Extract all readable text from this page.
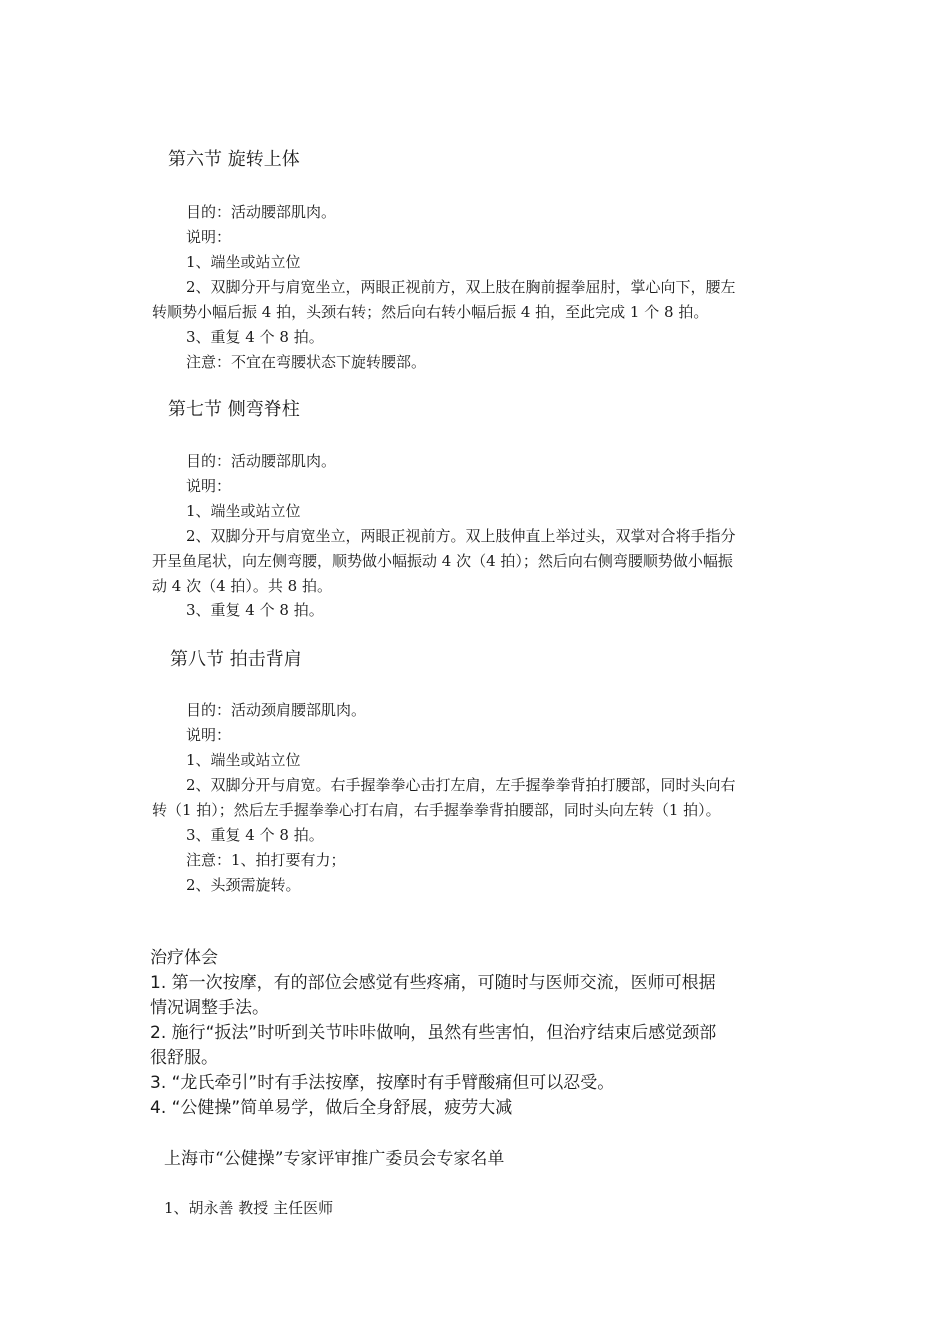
第六节 旋转上体
目的：活动腰部肌肉。
说明：
1、端坐或站立位
2、双脚分开与肩宽坐立，两眼正视前方，双上肢在胸前握拳屈肘，掌心向下，腰左
转顺势小幅后振 4 拍，头颈右转；然后向右转小幅后振 4 拍，至此完成 1 个 8 拍。
3、重复 4 个 8 拍。
注意：不宜在弯腰状态下旋转腰部。
第七节 侧弯脊柱
目的：活动腰部肌肉。
说明：
1、端坐或站立位
2、双脚分开与肩宽坐立，两眼正视前方。双上肢伸直上举过头，双掌对合将手指分
开呈鱼尾状，向左侧弯腰，顺势做小幅振动 4 次（4 拍）；然后向右侧弯腰顺势做小幅振
动 4 次（4 拍）。共 8 拍。
3、重复 4 个 8 拍。
第八节 拍击背肩
目的：活动颈肩腰部肌肉。
说明：
1、端坐或站立位
2、双脚分开与肩宽。右手握拳拳心击打左肩，左手握拳拳背拍打腰部，同时头向右
转（1 拍）；然后左手握拳拳心打右肩，右手握拳拳背拍腰部，同时头向左转（1 拍）。
3、重复 4 个 8 拍。
注意：1、拍打要有力；
2、头颈需旋转。
治疗体会
1. 第一次按摩，有的部位会感觉有些疼痛，可随时与医师交流，医师可根据
情况调整手法。
2. 施行“扳法”时听到关节咔咔做响，虽然有些害怕，但治疗结束后感觉颈部
很舒服。
3. “龙氏牵引”时有手法按摩，按摩时有手臂酸痛但可以忍受。
4. “公健操”简单易学，做后全身舒展，疲劳大减
上海市“公健操”专家评审推广委员会专家名单
1、胡永善 教授 主任医师
